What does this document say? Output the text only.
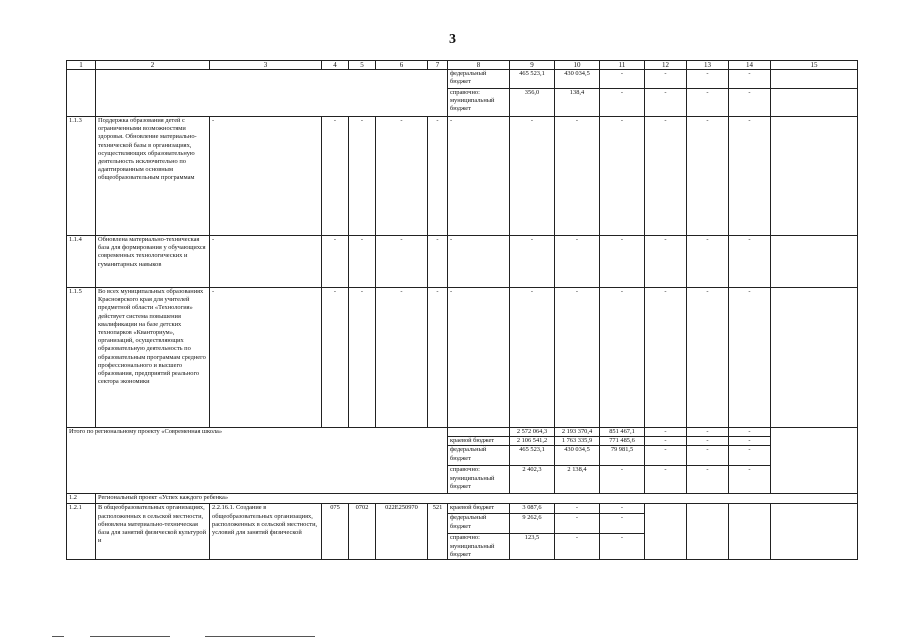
3
1	2	3	4	5	6	7	8	9	10	11	12	13	14	15
							федеральный бюджет	465 523,1	430 034,5	-	-	-	-	
							справочно: муниципальный бюджет	356,0	138,4	-	-	-	-	
1.1.3	Поддержка образования детей с ограниченными возможностями здоровья. Обновление материально-технической базы в организациях, осуществляющих образовательную деятельность исключительно по адаптированным основным общеобразовательным программам	-	-	-	-	-	-	-	-	-	-	-	-	
1.1.4	Обновлена материально-техническая база для формирования у обучающихся современных технологических и гуманитарных навыков	-	-	-	-	-	-	-	-	-	-	-	-	
1.1.5	Во всех муниципальных образованиях Красноярского края для учителей предметной области «Технология» действует система повышения квалификации на базе детских технопарков «Кванториум», организаций, осуществляющих образовательную деятельность по образовательным программам среднего профессионального и высшего образования, предприятий реального сектора экономики	-	-	-	-	-	-	-	-	-	-	-	-	
Итого по региональному проекту «Современная школа»								2 572 064,3	2 193 370,4	851 467,1	-	-	-	
							краевой бюджет	2 106 541,2	1 763 335,9	771 485,6	-	-	-	
							федеральный бюджет	465 523,1	430 034,5	79 981,5	-	-	-	
							справочно: муниципальный бюджет	2 402,3	2 138,4	-	-	-	-	
1.2	Региональный проект «Успех каждого ребенка»													
1.2.1	В общеобразовательных организациях, расположенных в сельской местности, обновлена материально-техническая база для занятий физической культурой и	2.2.16.1. Создание в общеобразовательных организациях, расположенных в сельской местности, условий для занятий физической	075	0702	022E250970	521	краевой бюджет	3 087,6	-	-				
							федеральный бюджет	9 262,6	-	-				
							справочно: муниципальный бюджет	123,5	-	-				
